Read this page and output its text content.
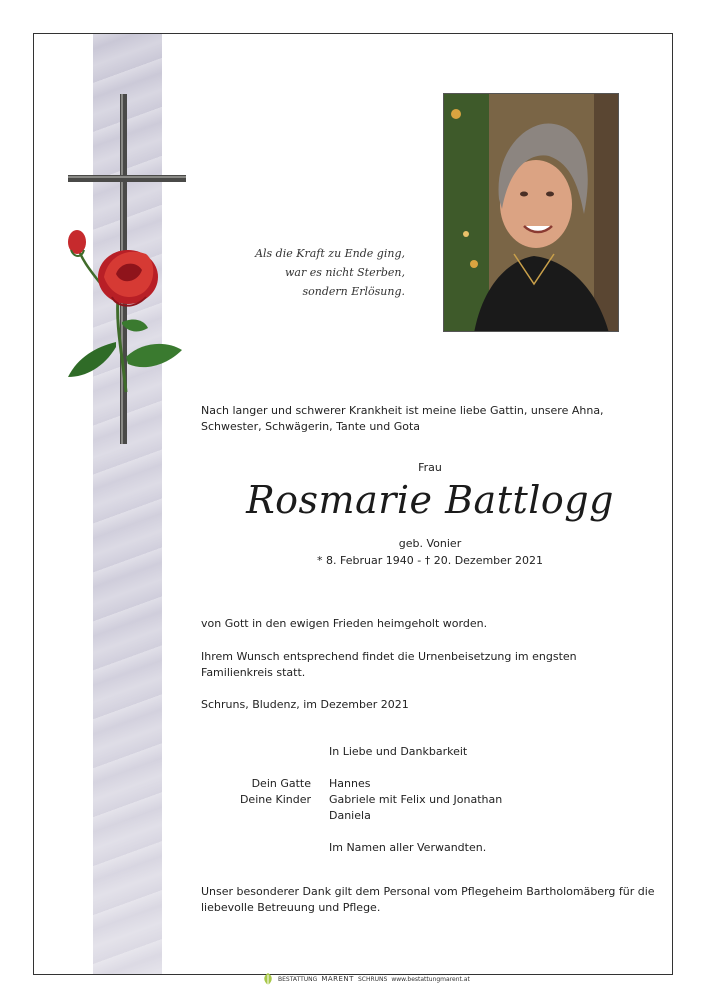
Als die Kraft zu Ende ging,
war es nicht Sterben,
sondern Erlösung.
Nach langer und schwerer Krankheit ist meine liebe Gattin, unsere Ahna,
Schwester, Schwägerin, Tante und Gota
Frau
Rosmarie Battlogg
geb. Vonier
* 8. Februar 1940 - † 20. Dezember 2021
von Gott in den ewigen Frieden heimgeholt worden.
Ihrem Wunsch entsprechend findet die Urnenbeisetzung im engsten
Familienkreis statt.
Schruns, Bludenz, im Dezember 2021
In Liebe und Dankbarkeit
Dein Gatte Hannes
Deine Kinder Gabriele mit Felix und Jonathan
Daniela
Im Namen aller Verwandten.
Unser besonderer Dank gilt dem Personal vom Pflegeheim Bartholomäberg für die
liebevolle Betreuung und Pflege.
BESTATTUNG MARENT SCHRUNS www.bestattungmarent.at
